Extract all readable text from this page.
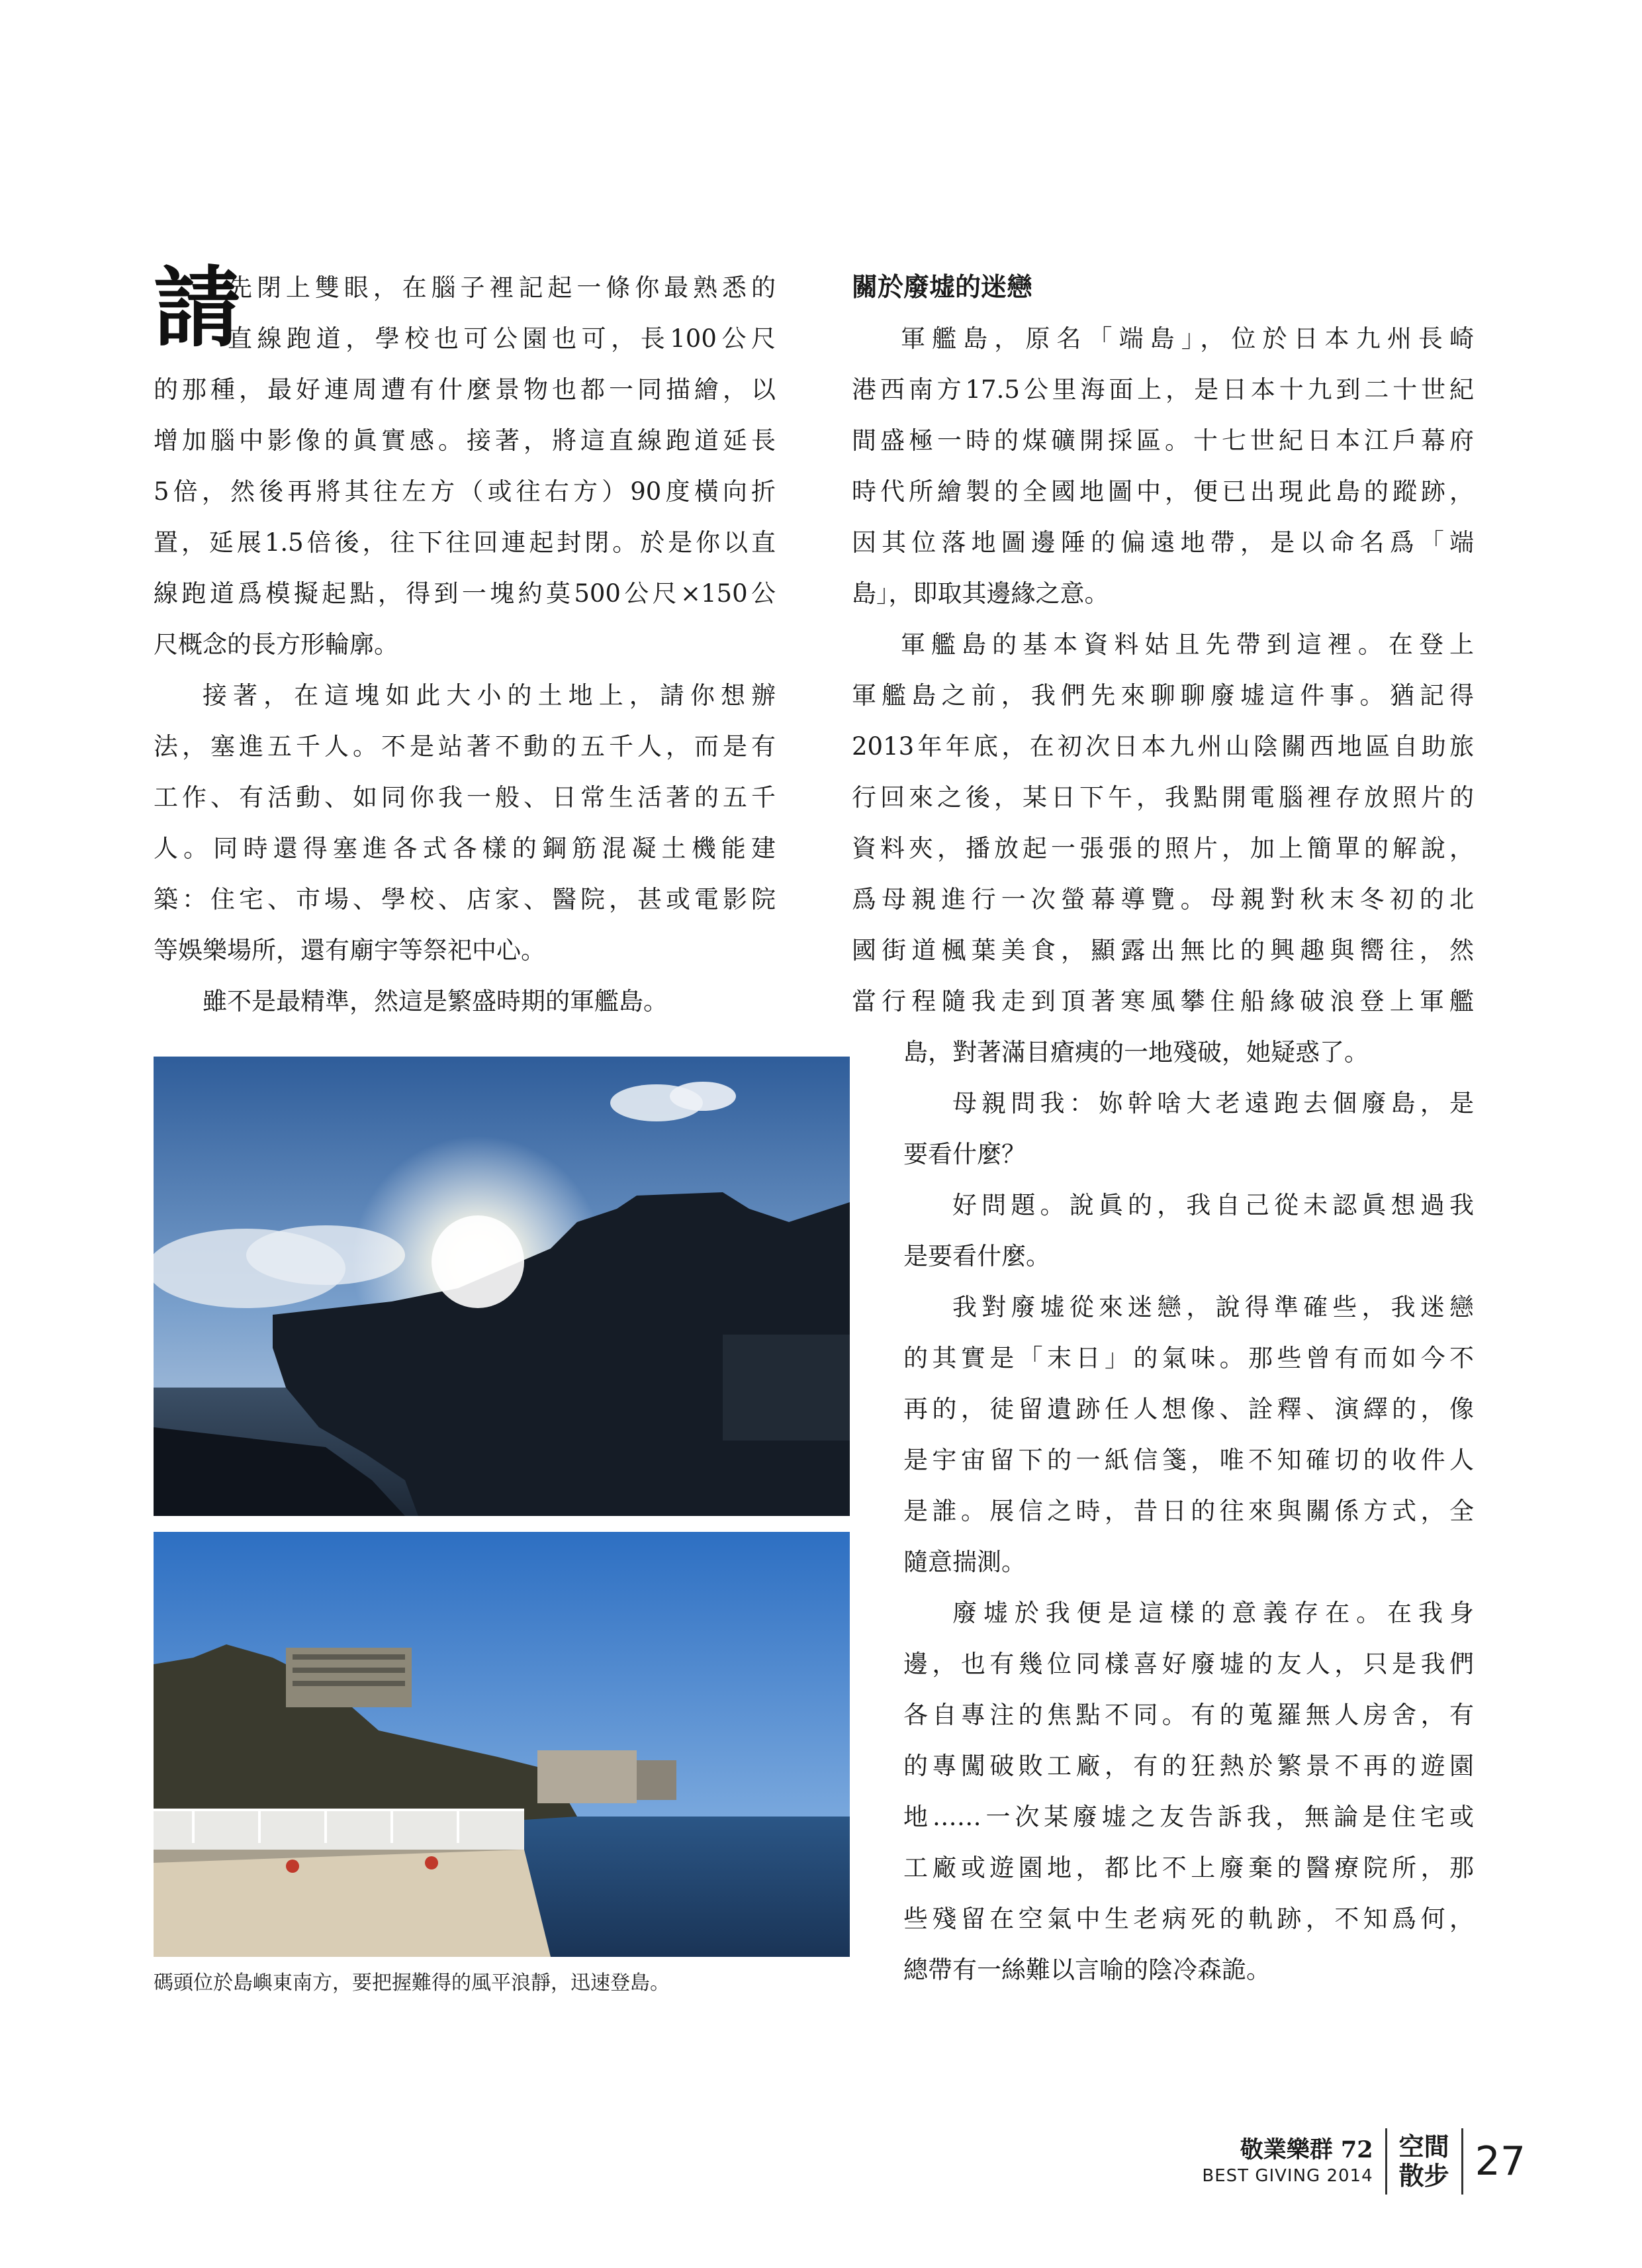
請

先閉上雙眼，在腦子裡記起一條你最熟悉的

直線跑道，學校也可公園也可，長100公尺

的那種，最好連周遭有什麼景物也都一同描繪，以

增加腦中影像的眞實感。接著，將這直線跑道延長

5倍，然後再將其往左方（或往右方）90度橫向折

置，延展1.5倍後，往下往回連起封閉。於是你以直

線跑道爲模擬起點，得到一塊約莫500公尺×150公

尺概念的長方形輪廓。

接著，在這塊如此大小的土地上，請你想辦

法，塞進五千人。不是站著不動的五千人，而是有

工作、有活動、如同你我一般、日常生活著的五千

人。同時還得塞進各式各樣的鋼筋混凝土機能建

築：住宅、市場、學校、店家、醫院，甚或電影院

等娛樂場所，還有廟宇等祭祀中心。

雖不是最精準，然這是繁盛時期的軍艦島。

關於廢墟的迷戀

軍艦島，原名「端島」，位於日本九州長崎

港西南方17.5公里海面上，是日本十九到二十世紀

間盛極一時的煤礦開採區。十七世紀日本江戶幕府

時代所繪製的全國地圖中，便已出現此島的蹤跡，

因其位落地圖邊陲的偏遠地帶，是以命名爲「端

島」，即取其邊緣之意。

軍艦島的基本資料姑且先帶到這裡。在登上

軍艦島之前，我們先來聊聊廢墟這件事。猶記得

2013年年底，在初次日本九州山陰關西地區自助旅

行回來之後，某日下午，我點開電腦裡存放照片的

資料夾，播放起一張張的照片，加上簡單的解說，

爲母親進行一次螢幕導覽。母親對秋末冬初的北

國街道楓葉美食，顯露出無比的興趣與嚮往，然

當行程隨我走到頂著寒風攀住船緣破浪登上軍艦

島，對著滿目瘡痍的一地殘破，她疑惑了。

母親問我：妳幹啥大老遠跑去個廢島，是

要看什麼？

好問題。說眞的，我自己從未認眞想過我

是要看什麼。

我對廢墟從來迷戀，說得準確些，我迷戀

的其實是「末日」的氣味。那些曾有而如今不

再的，徒留遺跡任人想像、詮釋、演繹的，像

是宇宙留下的一紙信箋，唯不知確切的收件人

是誰。展信之時，昔日的往來與關係方式，全

隨意揣測。

廢墟於我便是這樣的意義存在。在我身

邊，也有幾位同樣喜好廢墟的友人，只是我們

各自專注的焦點不同。有的蒐羅無人房舍，有

的專闖破敗工廠，有的狂熱於繁景不再的遊園

地……一次某廢墟之友告訴我，無論是住宅或

工廠或遊園地，都比不上廢棄的醫療院所，那

些殘留在空氣中生老病死的軌跡，不知爲何，

總帶有一絲難以言喻的陰冷森詭。

碼頭位於島嶼東南方，要把握難得的風平浪靜，迅速登島。
敬業樂群 72
BEST GIVING 2014
空間
散步 27
